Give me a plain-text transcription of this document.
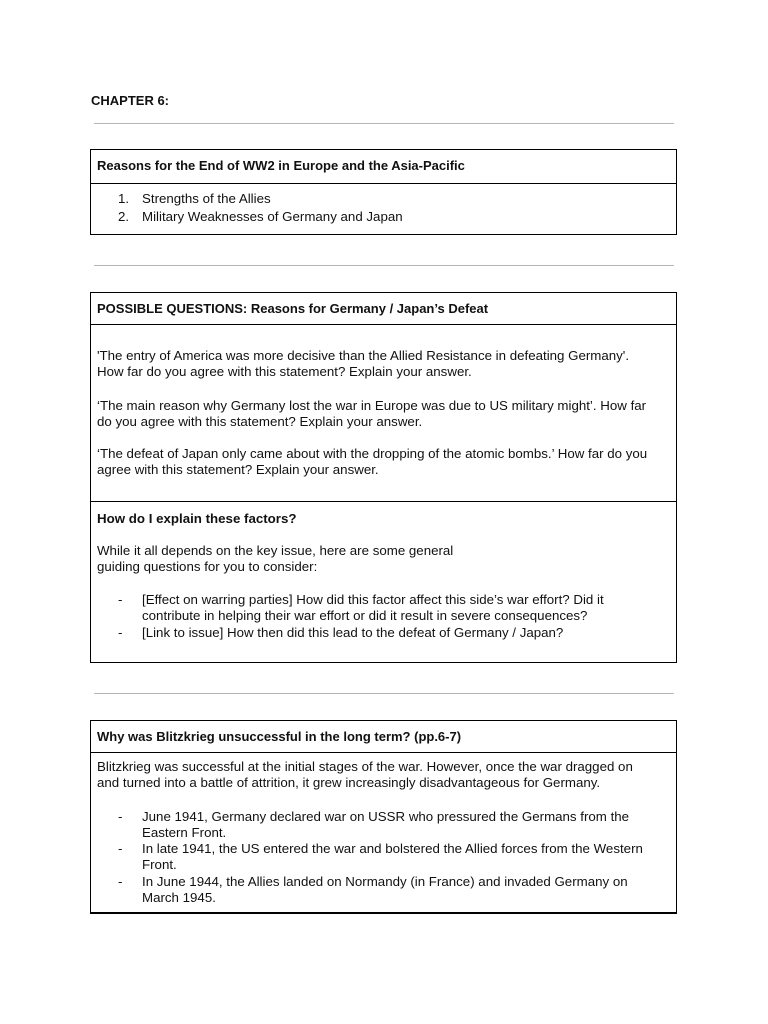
CHAPTER 6:
Reasons for the End of WW2 in Europe and the Asia-Pacific
1. Strengths of the Allies
2. Military Weaknesses of Germany and Japan
POSSIBLE QUESTIONS: Reasons for Germany / Japan’s Defeat
'The entry of America was more decisive than the Allied Resistance in defeating Germany'.
How far do you agree with this statement? Explain your answer.
‘The main reason why Germany lost the war in Europe was due to US military might’. How far
do you agree with this statement? Explain your answer.
‘The defeat of Japan only came about with the dropping of the atomic bombs.’ How far do you
agree with this statement? Explain your answer.
How do I explain these factors?
While it all depends on the key issue, here are some general
guiding questions for you to consider:
- [Effect on warring parties] How did this factor affect this side’s war effort? Did it
contribute in helping their war effort or did it result in severe consequences?
- [Link to issue] How then did this lead to the defeat of Germany / Japan?
Why was Blitzkrieg unsuccessful in the long term? (pp.6-7)
Blitzkrieg was successful at the initial stages of the war. However, once the war dragged on
and turned into a battle of attrition, it grew increasingly disadvantageous for Germany.
- June 1941, Germany declared war on USSR who pressured the Germans from the
Eastern Front.
- In late 1941, the US entered the war and bolstered the Allied forces from the Western
Front.
- In June 1944, the Allies landed on Normandy (in France) and invaded Germany on
March 1945.
